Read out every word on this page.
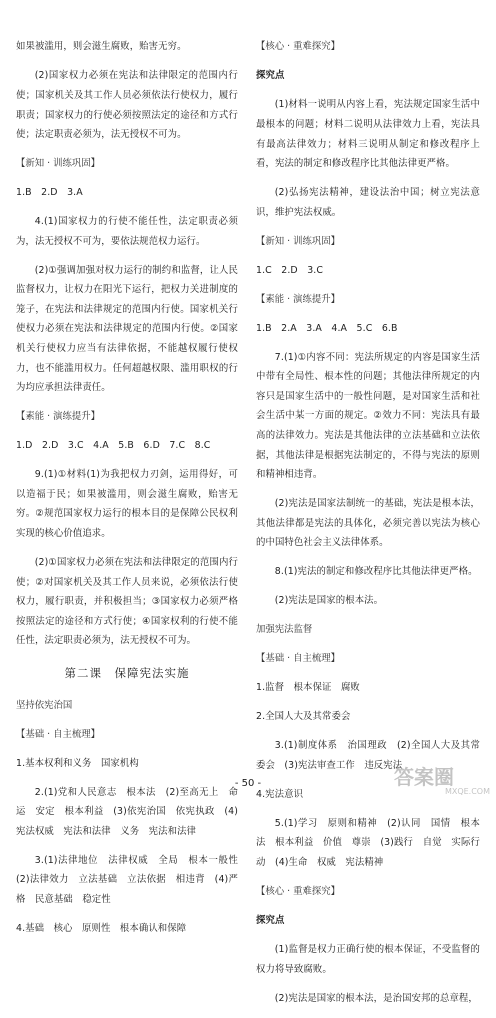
如果被滥用，则会滋生腐败，贻害无穷。

(2)国家权力必须在宪法和法律限定的范围内行使；国家机关及其工作人员必须依法行使权力，履行职责；国家权力的行使必须按照法定的途径和方式行使；法定职责必须为，法无授权不可为。

【新知 · 训练巩固】

1.B　2.D　3.A

4.(1)国家权力的行使不能任性，法定职责必须为，法无授权不可为，要依法规范权力运行。

(2)①强调加强对权力运行的制约和监督，让人民监督权力，让权力在阳光下运行，把权力关进制度的笼子，在宪法和法律规定的范围内行使。国家机关行使权力必须在宪法和法律规定的范围内行使。②国家机关行使权力应当有法律依据，不能越权履行使权力，也不能滥用权力。任何超越权限、滥用职权的行为均应承担法律责任。

【素能 · 演练提升】

1.D　2.D　3.C　4.A　5.B　6.D　7.C　8.C

9.(1)①材料(1)为我把权力刃剑，运用得好，可以造福于民；如果被滥用，则会滋生腐败，贻害无穷。②规范国家权力运行的根本目的是保障公民权利实现的核心价值追求。

(2)①国家权力必须在宪法和法律限定的范围内行使；②对国家机关及其工作人员来说，必须依法行使权力，履行职责，并积极担当；③国家权力必须严格按照法定的途径和方式行使；④国家权利的行使不能任性，法定职责必须为，法无授权不可为。

第二课　保障宪法实施

坚持依宪治国

【基础 · 自主梳理】

1.基本权利和义务　国家机构

2.(1)党和人民意志　根本法　(2)至高无上　命运　安定　根本利益　(3)依宪治国　依宪执政　(4)宪法权威　宪法和法律　义务　宪法和法律

3.(1)法律地位　法律权威　全局　根本一般性　(2)法律效力　立法基础　立法依据　相违背　(4)严格　民意基础　稳定性

4.基础　核心　原则性　根本确认和保障

【核心 · 重难探究】

探究点

(1)材料一说明从内容上看，宪法规定国家生活中最根本的问题；材料二说明从法律效力上看，宪法具有最高法律效力；材料三说明从制定和修改程序上看，宪法的制定和修改程序比其他法律更严格。

(2)弘扬宪法精神，建设法治中国；树立宪法意识，维护宪法权威。

【新知 · 训练巩固】

1.C　2.D　3.C

【素能 · 演练提升】

1.B　2.A　3.A　4.A　5.C　6.B

7.(1)①内容不同：宪法所规定的内容是国家生活中带有全局性、根本性的问题；其他法律所规定的内容只是国家生活中的一般性问题，是对国家生活和社会生活中某一方面的规定。②效力不同：宪法具有最高的法律效力。宪法是其他法律的立法基础和立法依据，其他法律是根据宪法制定的，不得与宪法的原则和精神相违背。

(2)宪法是国家法制统一的基础，宪法是根本法，其他法律都是宪法的具体化，必须完善以宪法为核心的中国特色社会主义法律体系。

8.(1)宪法的制定和修改程序比其他法律更严格。

(2)宪法是国家的根本法。

加强宪法监督

【基础 · 自主梳理】

1.监督　根本保证　腐败

2.全国人大及其常委会

3.(1)制度体系　治国理政　(2)全国人大及其常委会　(3)宪法审查工作　违反宪法

4.宪法意识

5.(1)学习　原则和精神　(2)认同　国情　根本法　根本利益　价值　尊崇　(3)践行　自觉　实际行动　(4)生命　权威　宪法精神

【核心 · 重难探究】

探究点

(1)监督是权力正确行使的根本保证，不受监督的权力将导致腐败。

(2)宪法是国家的根本法，是治国安邦的总章程，

- 50 -	答案圈
MXQE.COM
